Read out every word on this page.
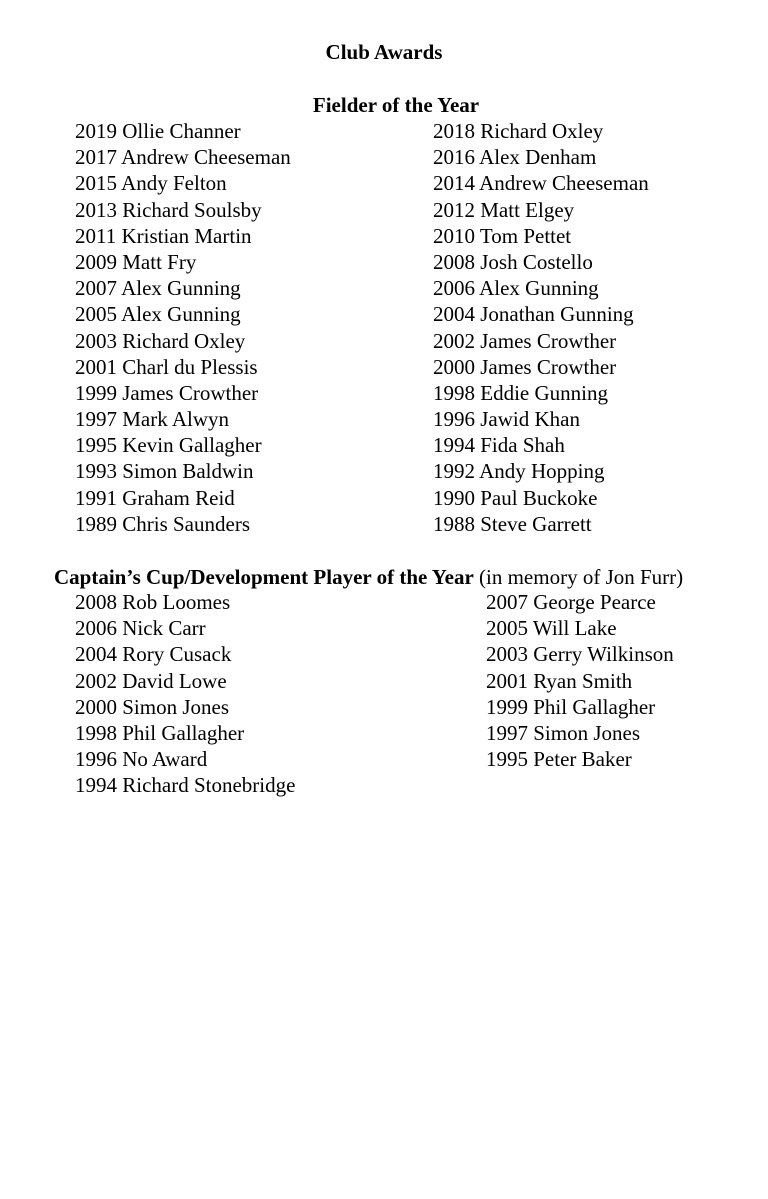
Club Awards
Fielder of the Year
2019 Ollie Channer	2018 Richard Oxley
2017 Andrew Cheeseman	2016 Alex Denham
2015 Andy Felton	2014 Andrew Cheeseman
2013 Richard Soulsby	2012 Matt Elgey
2011 Kristian Martin	2010 Tom Pettet
2009 Matt Fry	2008 Josh Costello
2007 Alex Gunning	2006 Alex Gunning
2005 Alex Gunning	2004 Jonathan Gunning
2003 Richard Oxley	2002 James Crowther
2001 Charl du Plessis	2000 James Crowther
1999 James Crowther	1998 Eddie Gunning
1997 Mark Alwyn	1996 Jawid Khan
1995 Kevin Gallagher	1994 Fida Shah
1993 Simon Baldwin	1992 Andy Hopping
1991 Graham Reid	1990 Paul Buckoke
1989 Chris Saunders	1988 Steve Garrett
Captain’s Cup/Development Player of the Year (in memory of Jon Furr)
2008 Rob Loomes	2007 George Pearce
2006 Nick Carr	2005 Will Lake
2004 Rory Cusack	2003 Gerry Wilkinson
2002 David Lowe	2001 Ryan Smith
2000 Simon Jones	1999 Phil Gallagher
1998 Phil Gallagher	1997 Simon Jones
1996 No Award	1995 Peter Baker
1994 Richard Stonebridge
